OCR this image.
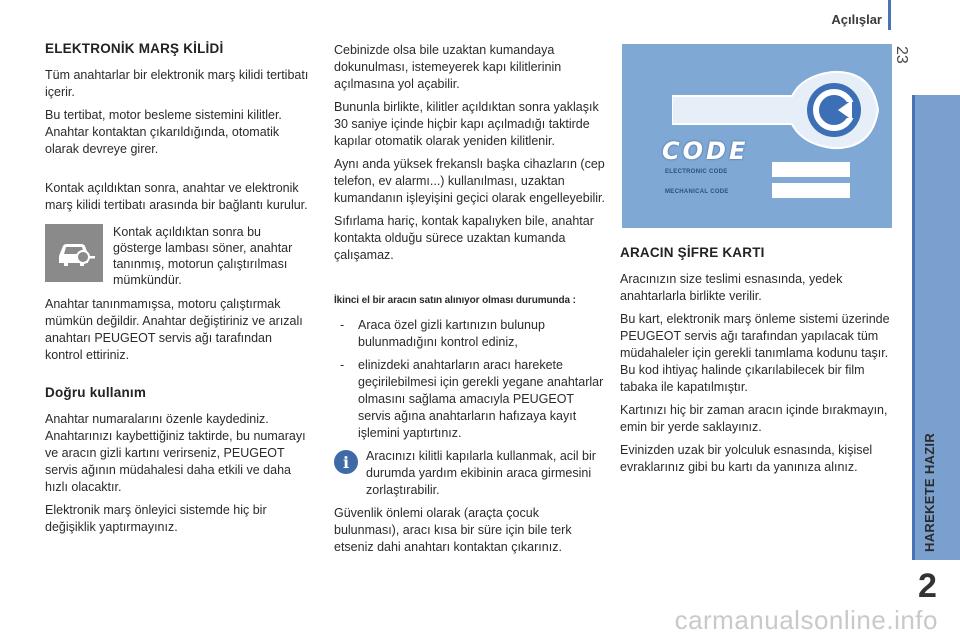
Açılışlar
23
HAREKETE HAZIR
2
ELEKTRONİK MARŞ KİLİDİ

Tüm anahtarlar bir elektronik marş kilidi tertibatı içerir.

Bu tertibat, motor besleme sistemini kilitler. Anahtar kontaktan çıkarıldığında, otomatik olarak devreye girer.

Kontak açıldıktan sonra, anahtar ve elektronik marş kilidi tertibatı arasında bir bağlantı kurulur.

Kontak açıldıktan sonra bu gösterge lambası söner, anahtar tanınmış, motorun çalıştırılması mümkündür.

Anahtar tanınmamışsa, motoru çalıştırmak mümkün değildir. Anahtar değiştiriniz ve arızalı anahtarı PEUGEOT servis ağı tarafından kontrol ettiriniz.

Doğru kullanım

Anahtar numaralarını özenle kaydediniz. Anahtarınızı kaybettiğiniz taktirde, bu numarayı ve aracın gizli kartını verirseniz, PEUGEOT servis ağının müdahalesi daha etkili ve daha hızlı olacaktır.

Elektronik marş önleyici sistemde hiç bir değişiklik yaptırmayınız.

Cebinizde olsa bile uzaktan kumandaya dokunulması, istemeyerek kapı kilitlerinin açılmasına yol açabilir.

Bununla birlikte, kilitler açıldıktan sonra yaklaşık 30 saniye içinde hiçbir kapı açılmadığı taktirde kapılar otomatik olarak yeniden kilitlenir.

Aynı anda yüksek frekanslı başka cihazların (cep telefon, ev alarmı...) kullanılması, uzaktan kumandanın işleyişini geçici olarak engelleyebilir.

Sıfırlama hariç, kontak kapalıyken bile, anahtar kontakta olduğu sürece uzaktan kumanda çalışamaz.

İkinci el bir aracın satın alınıyor olması durumunda :
- Araca özel gizli kartınızın bulunup bulunmadığını kontrol ediniz,
- elinizdeki anahtarların aracı harekete geçirilebilmesi için gerekli yegane anahtarlar olmasını sağlama amacıyla PEUGEOT servis ağına anahtarların hafızaya kayıt işlemini yaptırtınız.
i	Aracınızı kilitli kapılarla kullanmak, acil bir durumda yardım ekibinin araca girmesini zorlaştırabilir.

Güvenlik önlemi olarak (araçta çocuk bulunması), aracı kısa bir süre için bile terk etseniz dahi anahtarı kontaktan çıkarınız.

CODE
ELECTRONIC CODE
MECHANICAL CODE
ARACIN ŞİFRE KARTI

Aracınızın size teslimi esnasında, yedek anahtarlarla birlikte verilir.

Bu kart, elektronik marş önleme sistemi üzerinde PEUGEOT servis ağı tarafından yapılacak tüm müdahaleler için gerekli tanımlama kodunu taşır. Bu kod ihtiyaç halinde çıkarılabilecek bir film tabaka ile kapatılmıştır.

Kartınızı hiç bir zaman aracın içinde bırakmayın, emin bir yerde saklayınız.

Evinizden uzak bir yolculuk esnasında, kişisel evraklarınız gibi bu kartı da yanınıza alınız.

carmanualsonline.info
